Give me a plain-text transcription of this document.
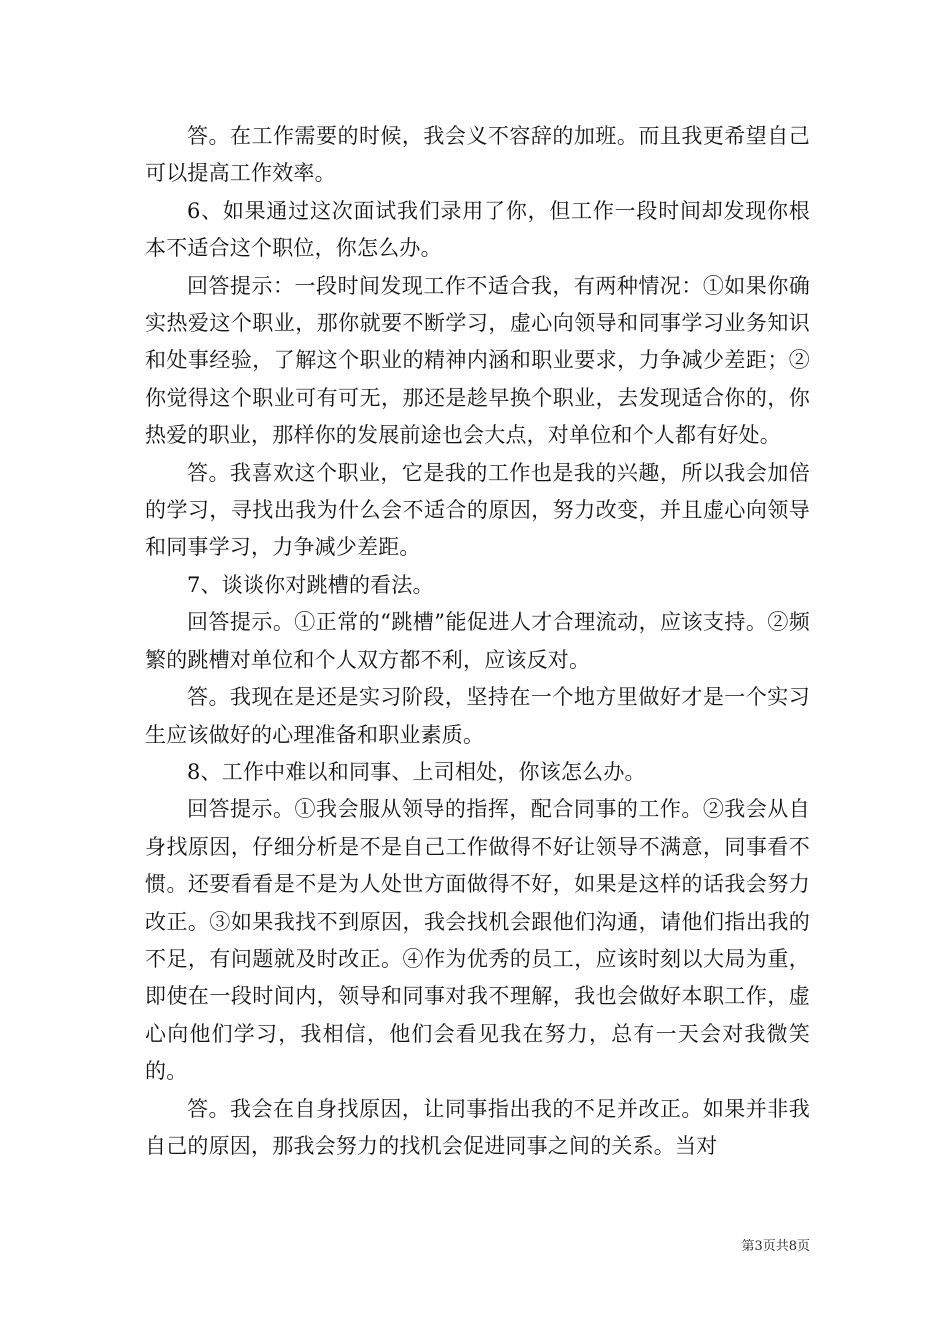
答。在工作需要的时候，我会义不容辞的加班。而且我更希望自己可以提高工作效率。

6、如果通过这次面试我们录用了你，但工作一段时间却发现你根本不适合这个职位，你怎么办。

回答提示：一段时间发现工作不适合我，有两种情况：①如果你确实热爱这个职业，那你就要不断学习，虚心向领导和同事学习业务知识和处事经验，了解这个职业的精神内涵和职业要求，力争减少差距；②你觉得这个职业可有可无，那还是趁早换个职业，去发现适合你的，你热爱的职业，那样你的发展前途也会大点，对单位和个人都有好处。

答。我喜欢这个职业，它是我的工作也是我的兴趣，所以我会加倍的学习，寻找出我为什么会不适合的原因，努力改变，并且虚心向领导和同事学习，力争减少差距。

7、谈谈你对跳槽的看法。

回答提示。①正常的“跳槽”能促进人才合理流动，应该支持。②频繁的跳槽对单位和个人双方都不利，应该反对。

答。我现在是还是实习阶段，坚持在一个地方里做好才是一个实习生应该做好的心理准备和职业素质。

8、工作中难以和同事、上司相处，你该怎么办。

回答提示。①我会服从领导的指挥，配合同事的工作。②我会从自身找原因，仔细分析是不是自己工作做得不好让领导不满意，同事看不惯。还要看看是不是为人处世方面做得不好，如果是这样的话我会努力改正。③如果我找不到原因，我会找机会跟他们沟通，请他们指出我的不足，有问题就及时改正。④作为优秀的员工，应该时刻以大局为重，即使在一段时间内，领导和同事对我不理解，我也会做好本职工作，虚心向他们学习，我相信，他们会看见我在努力，总有一天会对我微笑的。

答。我会在自身找原因，让同事指出我的不足并改正。如果并非我自己的原因，那我会努力的找机会促进同事之间的关系。当对

第3页共8页
